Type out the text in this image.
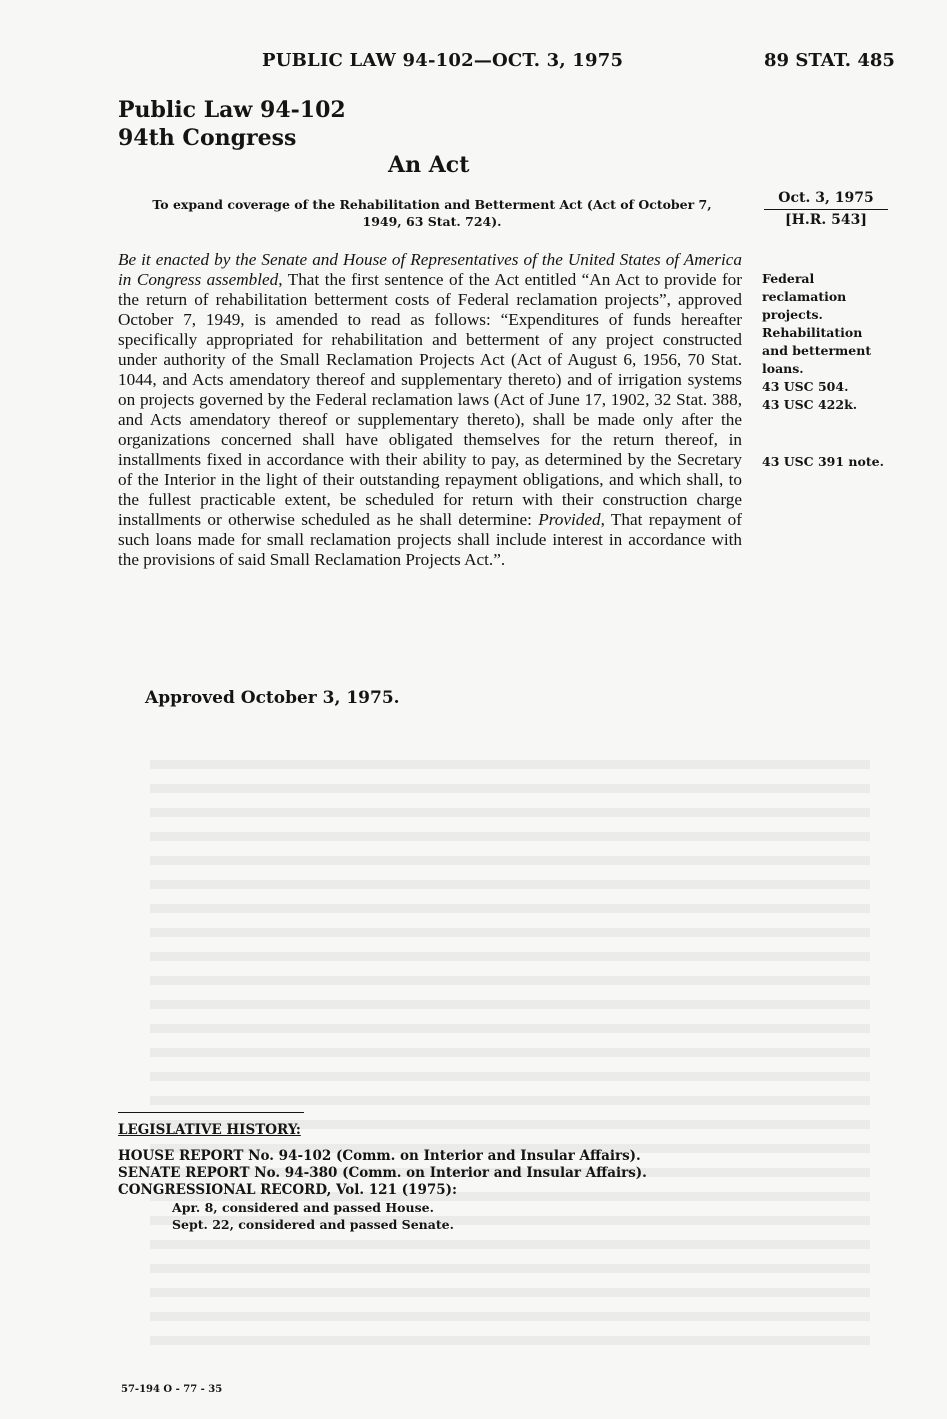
PUBLIC LAW 94-102—OCT. 3, 1975	89 STAT. 485
Public Law 94-102
94th Congress
An Act
To expand coverage of the Rehabilitation and Betterment Act (Act of October 7,
1949, 63 Stat. 724).
Oct. 3, 1975
[H.R. 543]
Be it enacted by the Senate and House of Representatives of the United States of America in Congress assembled, That the first sentence of the Act entitled “An Act to provide for the return of rehabilitation betterment costs of Federal reclamation projects”, approved October 7, 1949, is amended to read as follows: “Expenditures of funds hereafter specifically appropriated for rehabilitation and betterment of any project constructed under authority of the Small Reclamation Projects Act (Act of August 6, 1956, 70 Stat. 1044, and Acts amendatory thereof and supplementary thereto) and of irrigation systems on projects governed by the Federal reclamation laws (Act of June 17, 1902, 32 Stat. 388, and Acts amendatory thereof or supplementary thereto), shall be made only after the organizations concerned shall have obligated themselves for the return thereof, in installments fixed in accordance with their ability to pay, as determined by the Secretary of the Interior in the light of their outstanding repayment obligations, and which shall, to the fullest practicable extent, be scheduled for return with their construction charge installments or otherwise scheduled as he shall determine: Provided, That repayment of such loans made for small reclamation projects shall include interest in accordance with the provisions of said Small Reclamation Projects Act.”.
Federal
reclamation
projects.
Rehabilitation
and betterment
loans.
43 USC 504.
43 USC 422k.
43 USC 391 note.
Approved October 3, 1975.
LEGISLATIVE HISTORY:
HOUSE REPORT No. 94-102 (Comm. on Interior and Insular Affairs).
SENATE REPORT No. 94-380 (Comm. on Interior and Insular Affairs).
CONGRESSIONAL RECORD, Vol. 121 (1975):
Apr. 8, considered and passed House.
Sept. 22, considered and passed Senate.
57-194 O - 77 - 35
